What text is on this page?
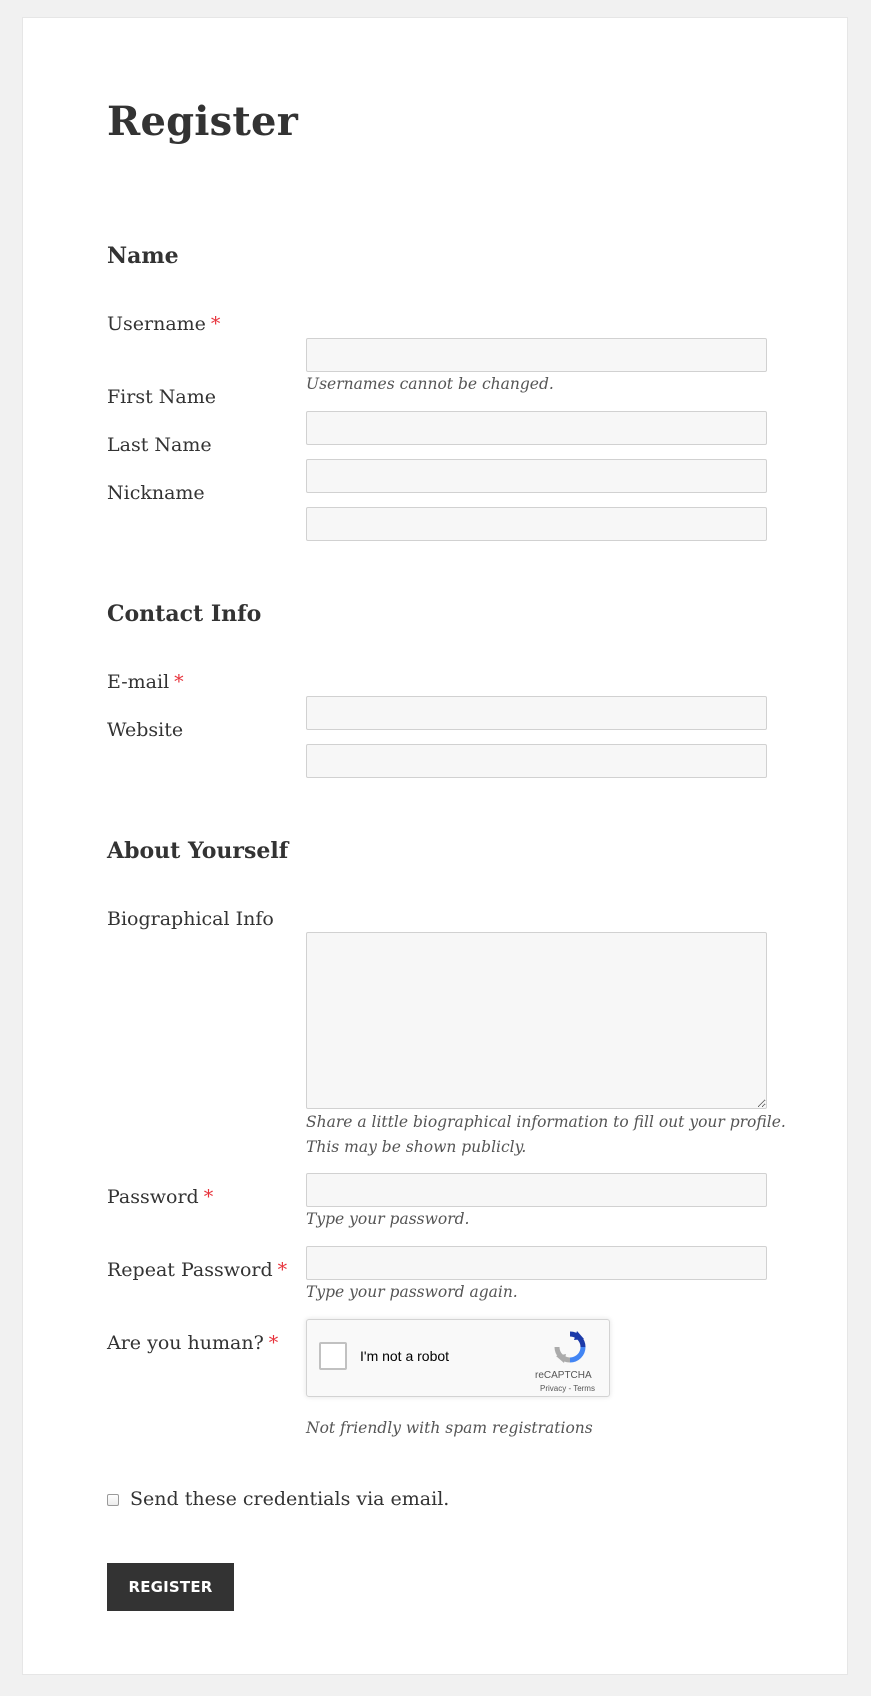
Register
Name
Username *
Usernames cannot be changed.
First Name
Last Name
Nickname
Contact Info
E-mail *
Website
About Yourself
Biographical Info
Share a little biographical information to fill out your profile.
This may be shown publicly.
Password *
Type your password.
Repeat Password *
Type your password again.
Are you human? *
I'm not a robot
reCAPTCHA
Privacy - Terms
Not friendly with spam registrations
Send these credentials via email.
REGISTER
